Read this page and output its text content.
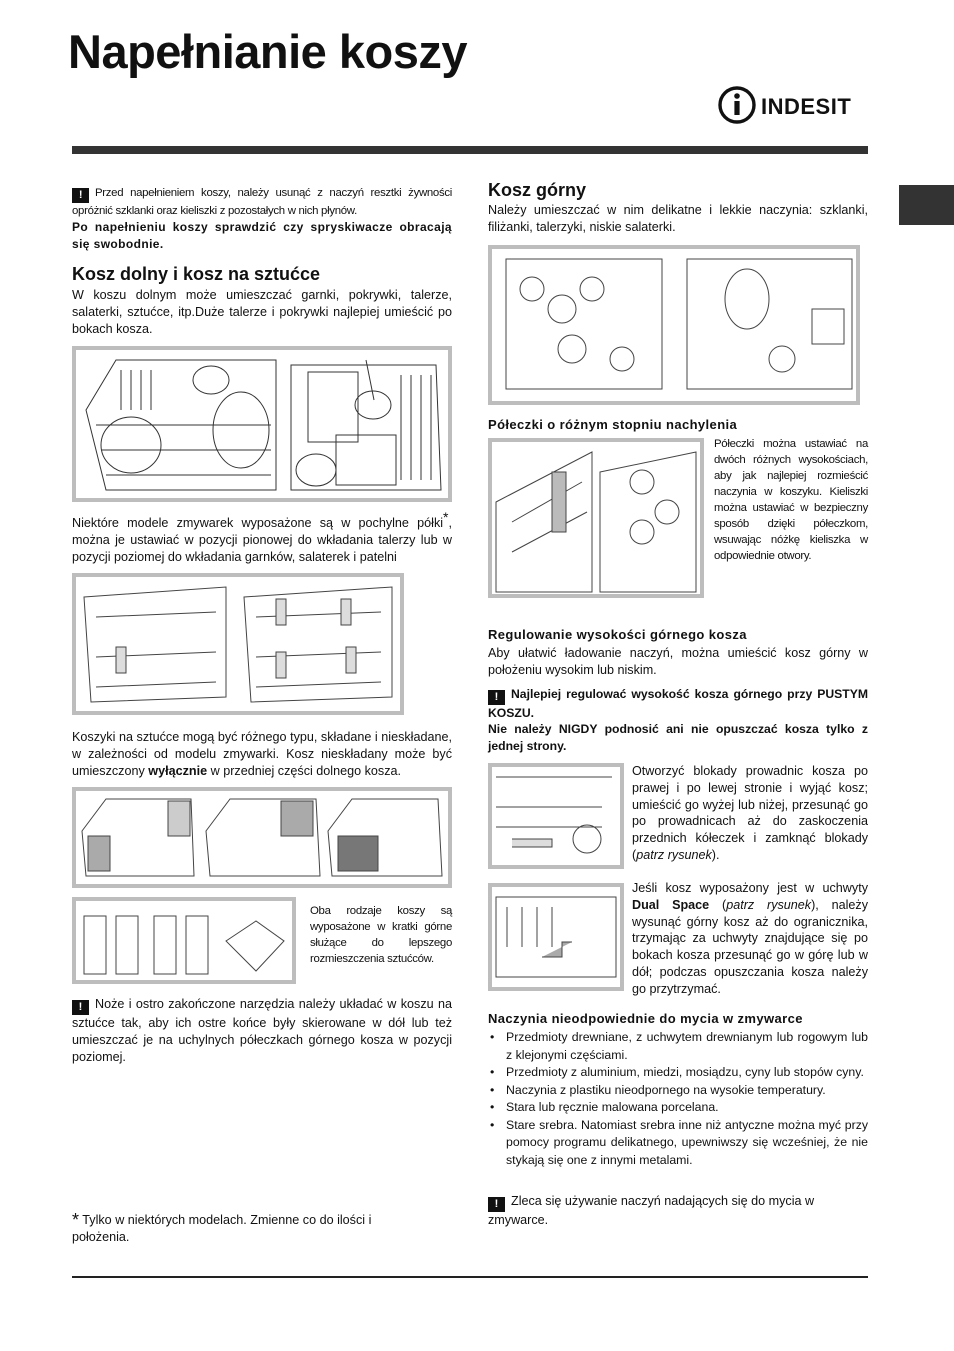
Napełnianie koszy
INDESIT
! Przed napełnieniem koszy, należy usunąć z naczyń resztki żywności opróżnić szklanki oraz kieliszki z pozostałych w nich płynów.
Po napełnieniu koszy sprawdzić czy spryskiwacze obracają się swobodnie.
Kosz dolny i kosz na sztućce
W koszu dolnym może umieszczać garnki, pokrywki, talerze, salaterki, sztućce, itp.Duże talerze i pokrywki najlepiej umieścić po bokach kosza.
Niektóre modele zmywarek wyposażone są w pochylne półki*, można je ustawiać w pozycji pionowej do wkładania talerzy lub w pozycji poziomej do wkładania garnków, salaterek i patelni
Koszyki na sztućce mogą być różnego typu, składane i nieskładane, w zależności od modelu zmywarki. Kosz nieskładany może być umieszczony wyłącznie w przedniej części dolnego kosza.
Oba rodzaje koszy są wyposażone w kratki górne służące do lepszego rozmieszczenia sztućców.
! Noże i ostro zakończone narzędzia należy układać w koszu na sztućce tak, aby ich ostre końce były skierowane w dół lub też umieszczać je na uchylnych półeczkach górnego kosza w pozycji poziomej.
* Tylko w niektórych modelach. Zmienne co do ilości i położenia.
Kosz górny
Należy umieszczać w nim delikatne i lekkie naczynia: szklanki, filiżanki, talerzyki, niskie salaterki.
Półeczki o różnym stopniu nachylenia
Półeczki można ustawiać na dwóch różnych wysokościach, aby jak najlepiej rozmieścić naczynia w koszyku. Kieliszki można ustawiać w bezpieczny sposób dzięki półeczkom, wsuwając nóżkę kieliszka w odpowiednie otwory.
Regulowanie wysokości górnego kosza
Aby ułatwić ładowanie naczyń, można umieścić kosz górny w położeniu wysokim lub niskim.
! Najlepiej regulować wysokość kosza górnego przy PUSTYM KOSZU.
Nie należy NIGDY podnosić ani nie opuszczać kosza tylko z jednej strony.
Otworzyć blokady prowadnic kosza po prawej i po lewej stronie i wyjąć kosz; umieścić go wyżej lub niżej, przesunąć go po prowadnicach aż do zaskoczenia przednich kółeczek i zamknąć blokady (patrz rysunek).
Jeśli kosz wyposażony jest w uchwyty Dual Space (patrz rysunek), należy wysunąć górny kosz aż do ogranicznika, trzymając za uchwyty znajdujące się po bokach kosza przesunąć go w górę lub w dół; podczas opuszczania kosza należy go przytrzymać.
Naczynia nieodpowiednie do mycia w zmywarce
• Przedmioty drewniane, z uchwytem drewnianym lub rogowym lub z klejonymi częściami.
• Przedmioty z aluminium, miedzi, mosiądzu, cyny lub stopów cyny.
• Naczynia z plastiku nieodpornego na wysokie temperatury.
• Stara lub ręcznie malowana porcelana.
• Stare srebra. Natomiast srebra inne niż antyczne można myć przy pomocy programu delikatnego, upewniwszy się wcześniej, że nie stykają się one z innymi metalami.
! Zleca się używanie naczyń nadających się do mycia w zmywarce.
